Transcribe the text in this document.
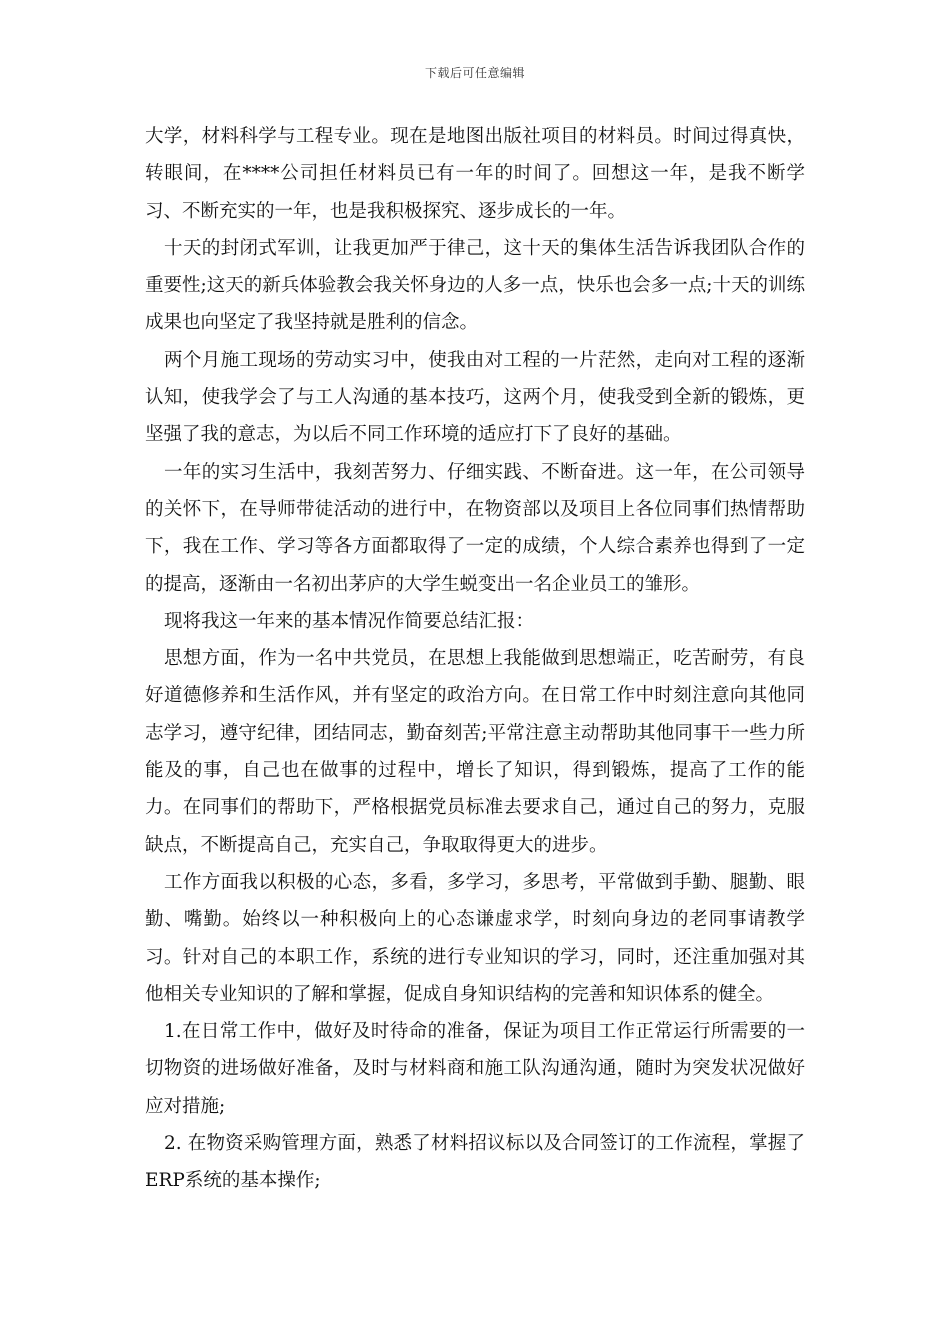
下载后可任意编辑

大学，材料科学与工程专业。现在是地图出版社项目的材料员。时间过得真快，转眼间，在****公司担任材料员已有一年的时间了。回想这一年，是我不断学习、不断充实的一年，也是我积极探究、逐步成长的一年。

十天的封闭式军训，让我更加严于律己，这十天的集体生活告诉我团队合作的重要性;这天的新兵体验教会我关怀身边的人多一点，快乐也会多一点;十天的训练成果也向坚定了我坚持就是胜利的信念。

两个月施工现场的劳动实习中，使我由对工程的一片茫然，走向对工程的逐渐认知，使我学会了与工人沟通的基本技巧，这两个月，使我受到全新的锻炼，更坚强了我的意志，为以后不同工作环境的适应打下了良好的基础。

一年的实习生活中，我刻苦努力、仔细实践、不断奋进。这一年，在公司领导的关怀下，在导师带徒活动的进行中，在物资部以及项目上各位同事们热情帮助下，我在工作、学习等各方面都取得了一定的成绩，个人综合素养也得到了一定的提高，逐渐由一名初出茅庐的大学生蜕变出一名企业员工的雏形。

现将我这一年来的基本情况作简要总结汇报：

思想方面，作为一名中共党员，在思想上我能做到思想端正，吃苦耐劳，有良好道德修养和生活作风，并有坚定的政治方向。在日常工作中时刻注意向其他同志学习，遵守纪律，团结同志，勤奋刻苦;平常注意主动帮助其他同事干一些力所能及的事，自己也在做事的过程中，增长了知识，得到锻炼，提高了工作的能力。在同事们的帮助下，严格根据党员标准去要求自己，通过自己的努力，克服缺点，不断提高自己，充实自己，争取取得更大的进步。

工作方面我以积极的心态，多看，多学习，多思考，平常做到手勤、腿勤、眼勤、嘴勤。始终以一种积极向上的心态谦虚求学，时刻向身边的老同事请教学习。针对自己的本职工作，系统的进行专业知识的学习，同时，还注重加强对其他相关专业知识的了解和掌握，促成自身知识结构的完善和知识体系的健全。

1.在日常工作中，做好及时待命的准备，保证为项目工作正常运行所需要的一切物资的进场做好准备，及时与材料商和施工队沟通沟通，随时为突发状况做好应对措施;

2. 在物资采购管理方面，熟悉了材料招议标以及合同签订的工作流程，掌握了ERP系统的基本操作;
